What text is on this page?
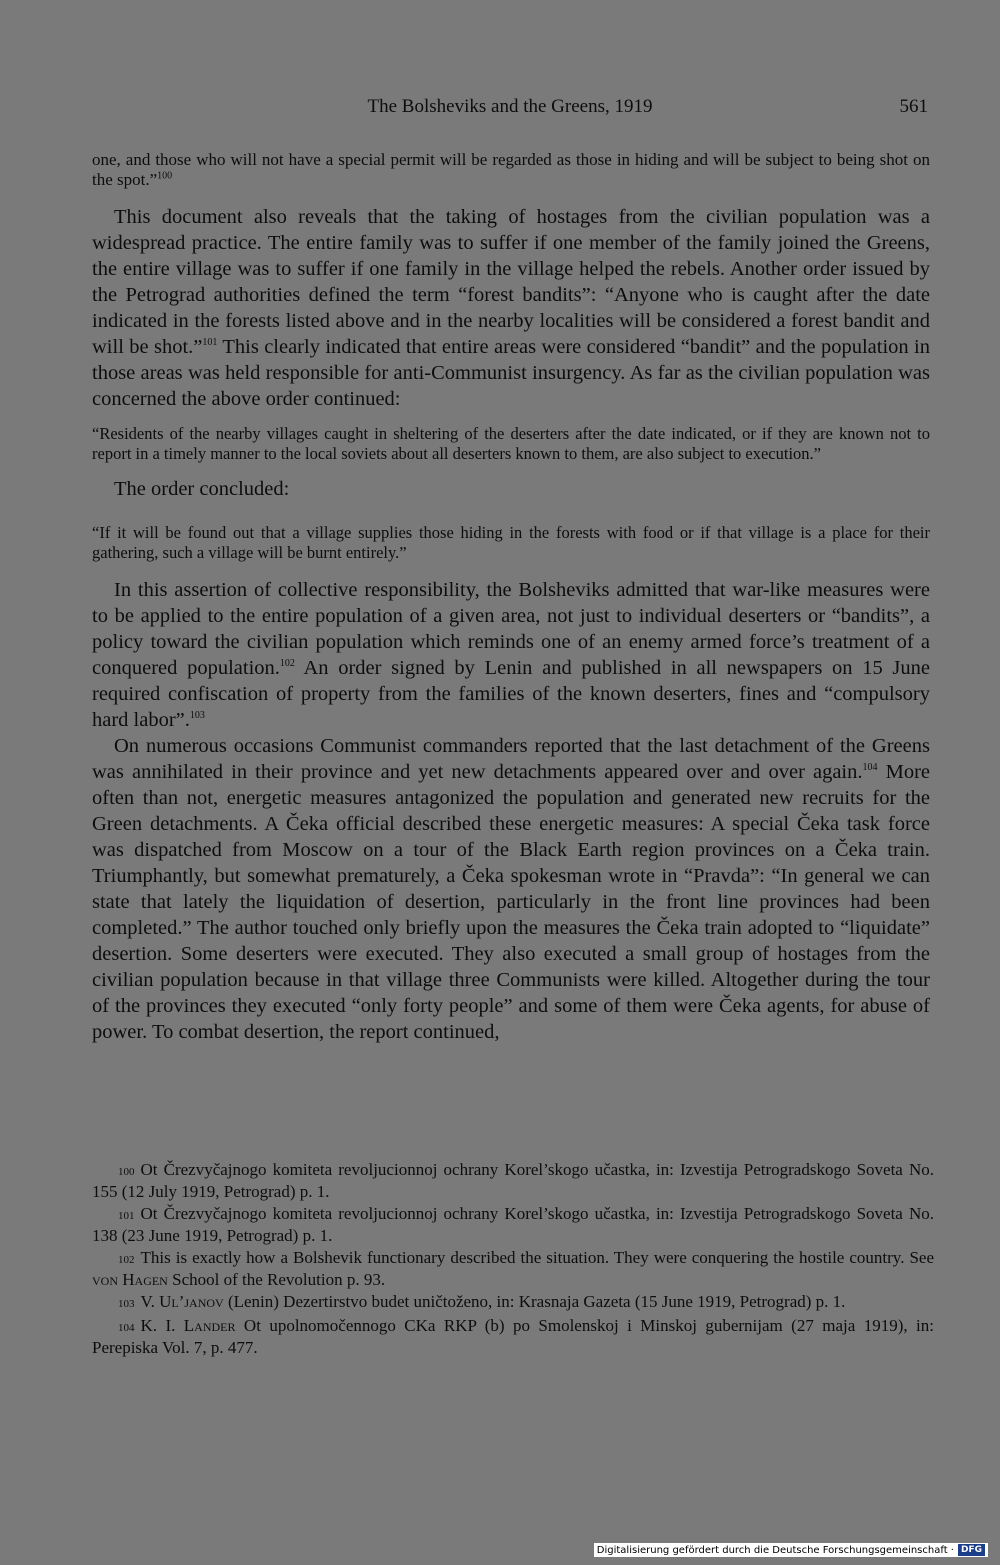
The Bolsheviks and the Greens, 1919	561

one, and those who will not have a special permit will be regarded as those in hiding and will be subject to being shot on the spot.”$^{100}$

This document also reveals that the taking of hostages from the civilian population was a widespread practice. The entire family was to suffer if one member of the family joined the Greens, the entire village was to suffer if one family in the village helped the rebels. Another order issued by the Petrograd authorities defined the term “forest bandits”: “Anyone who is caught after the date indicated in the forests listed above and in the nearby localities will be considered a forest bandit and will be shot.”$^{101}$ This clearly indicated that entire areas were considered “bandit” and the population in those areas was held responsible for anti-Communist insurgency. As far as the civilian population was concerned the above order continued:

“Residents of the nearby villages caught in sheltering of the deserters after the date indicated, or if they are known not to report in a timely manner to the local soviets about all deserters known to them, are also subject to execution.”

The order concluded:

“If it will be found out that a village supplies those hiding in the forests with food or if that village is a place for their gathering, such a village will be burnt entirely.”

In this assertion of collective responsibility, the Bolsheviks admitted that war-like measures were to be applied to the entire population of a given area, not just to individual deserters or “bandits”, a policy toward the civilian population which reminds one of an enemy armed force’s treatment of a conquered population.$^{102}$ An order signed by Lenin and published in all newspapers on 15 June required confiscation of property from the families of the known deserters, fines and “compulsory hard labor”.$^{103}$

On numerous occasions Communist commanders reported that the last detachment of the Greens was annihilated in their province and yet new detachments appeared over and over again.$^{104}$ More often than not, energetic measures antagonized the population and generated new recruits for the Green detachments. A Čeka official described these energetic measures: A special Čeka task force was dispatched from Moscow on a tour of the Black Earth region provinces on a Čeka train. Triumphantly, but somewhat prematurely, a Čeka spokesman wrote in “Pravda”: “In general we can state that lately the liquidation of desertion, particularly in the front line provinces had been completed.” The author touched only briefly upon the measures the Čeka train adopted to “liquidate” desertion. Some deserters were executed. They also executed a small group of hostages from the civilian population because in that village three Communists were killed. Altogether during the tour of the provinces they executed “only forty people” and some of them were Čeka agents, for abuse of power. To combat desertion, the report continued,

100 Ot Črezvyčajnogo komiteta revoljucionnoj ochrany Korel’skogo učastka, in: Izvestija Petrogradskogo Soveta No. 155 (12 July 1919, Petrograd) p. 1.

101 Ot Črezvyčajnogo komiteta revoljucionnoj ochrany Korel’skogo učastka, in: Izvestija Petrogradskogo Soveta No. 138 (23 June 1919, Petrograd) p. 1.

102 This is exactly how a Bolshevik functionary described the situation. They were conquering the hostile country. See von Hagen School of the Revolution p. 93.

103 V. Ul’janov (Lenin) Dezertirstvo budet uničtoženo, in: Krasnaja Gazeta (15 June 1919, Petrograd) p. 1.

104 K. I. Lander Ot upolnomočennogo CKa RKP (b) po Smolenskoj i Minskoj gubernijam (27 maja 1919), in: Perepiska Vol. 7, p. 477.

Digitalisierung gefördert durch die Deutsche Forschungsgemeinschaft · DFG
